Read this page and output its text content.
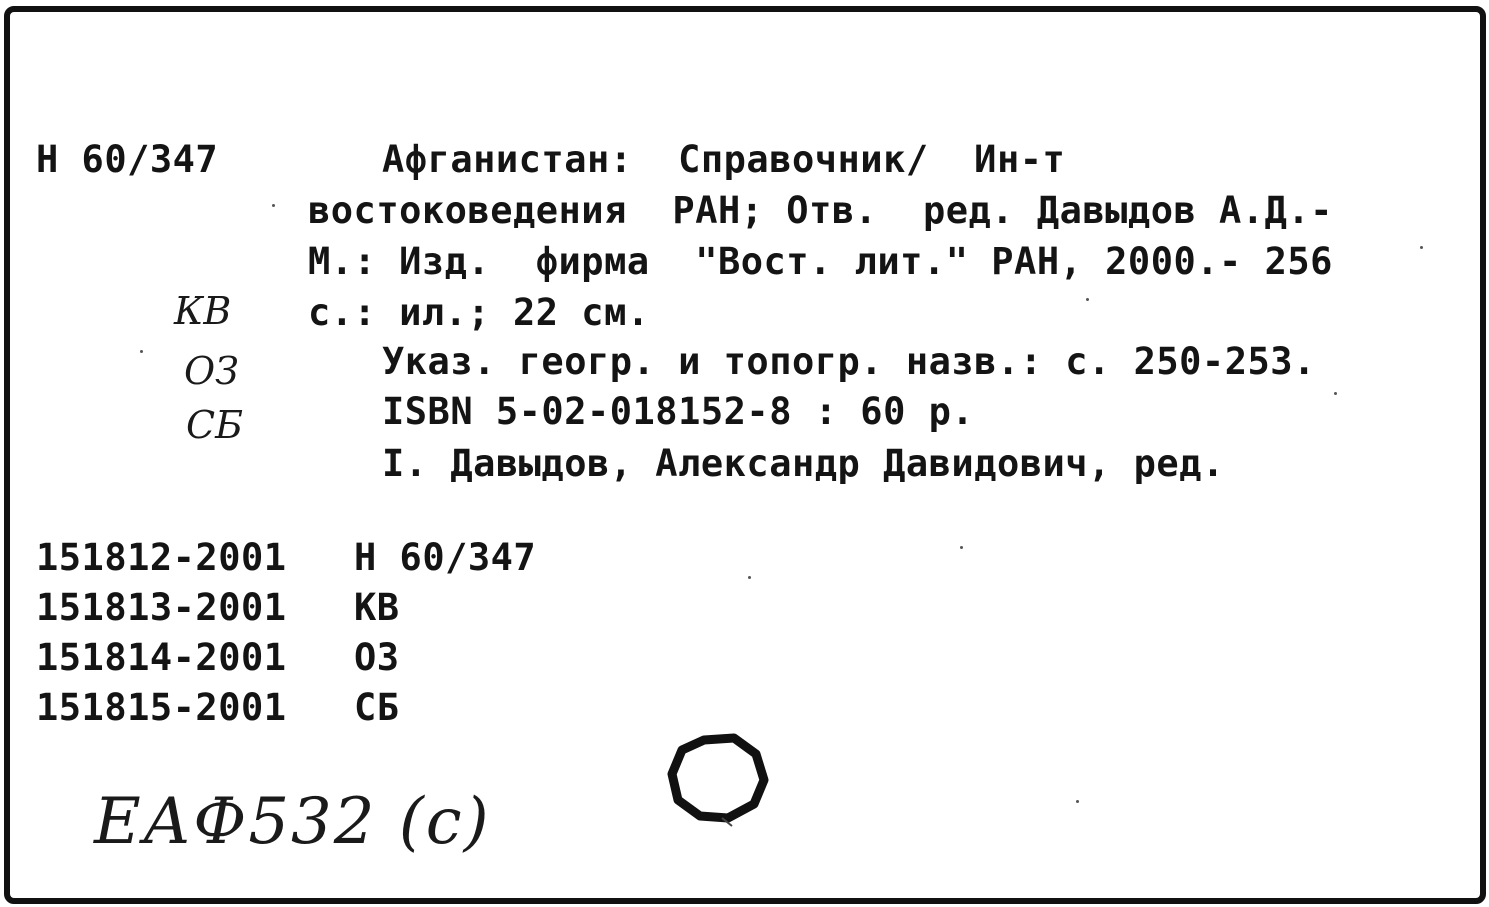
Н 60/347	Афганистан:  Справочник/  Ин-т
востоковедения  РАН; Отв.  ред. Давыдов А.Д.-
М.: Изд.  фирма  "Вост. лит." РАН, 2000.- 256
с.: ил.; 22 см.
Указ. геогр. и топогр. назв.: с. 250-253.
ISBN 5-02-018152-8 : 60 р.
I. Давыдов, Александр Давидович, ред.
КВ
ОЗ
СБ
151812-2001 Н 60/347
151813-2001 КВ
151814-2001 ОЗ
151815-2001 СБ
ЕАФ532 (с)
